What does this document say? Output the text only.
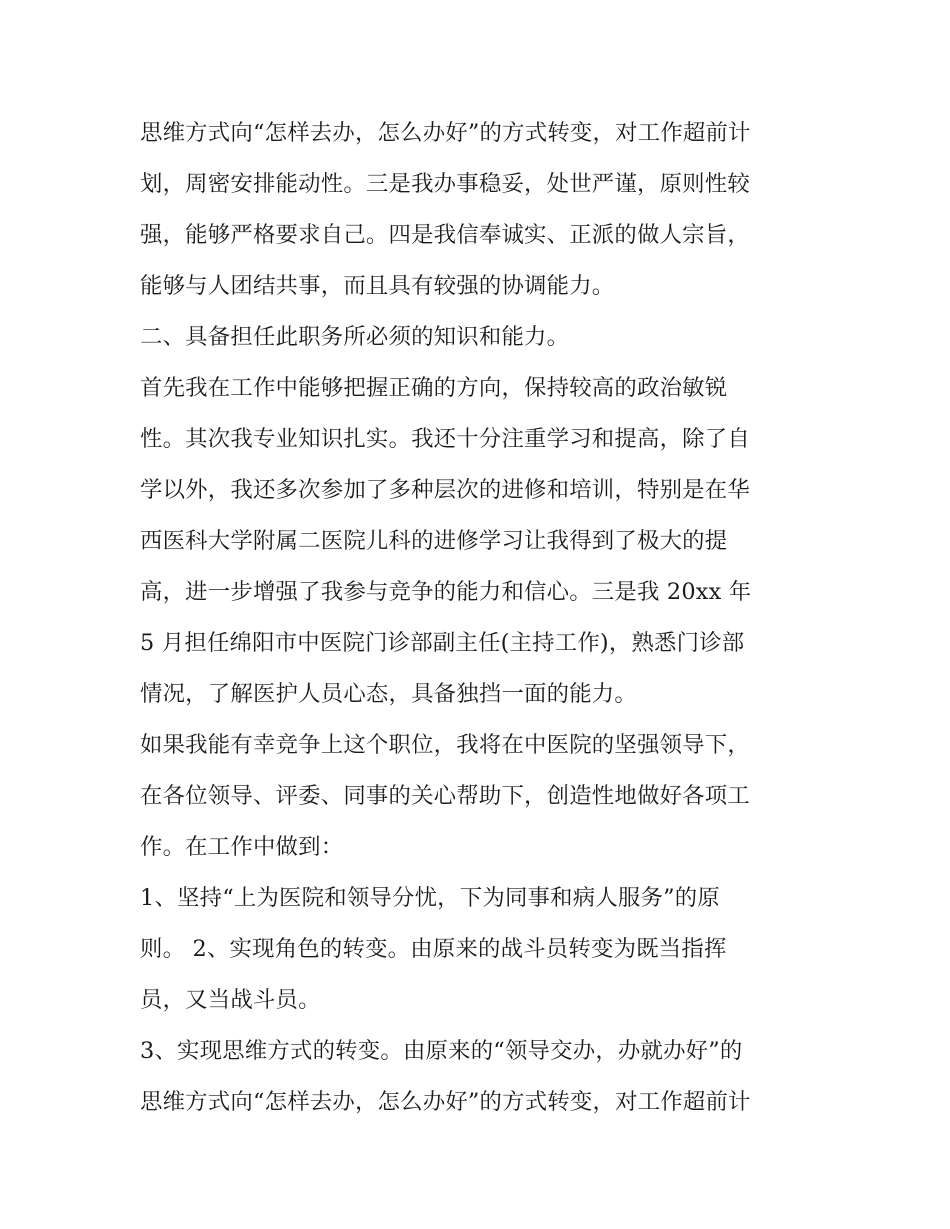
思维方式向“怎样去办，怎么办好”的方式转变，对工作超前计
划，周密安排能动性。三是我办事稳妥，处世严谨，原则性较
强，能够严格要求自己。四是我信奉诚实、正派的做人宗旨，
能够与人团结共事，而且具有较强的协调能力。
二、具备担任此职务所必须的知识和能力。
首先我在工作中能够把握正确的方向，保持较高的政治敏锐
性。其次我专业知识扎实。我还十分注重学习和提高，除了自
学以外，我还多次参加了多种层次的进修和培训，特别是在华
西医科大学附属二医院儿科的进修学习让我得到了极大的提
高，进一步增强了我参与竞争的能力和信心。三是我 20xx 年
5 月担任绵阳市中医院门诊部副主任(主持工作)，熟悉门诊部
情况，了解医护人员心态，具备独挡一面的能力。
如果我能有幸竞争上这个职位，我将在中医院的坚强领导下，
在各位领导、评委、同事的关心帮助下，创造性地做好各项工
作。在工作中做到：
1、坚持“上为医院和领导分忧，下为同事和病人服务”的原
则。 2、实现角色的转变。由原来的战斗员转变为既当指挥
员，又当战斗员。
3、实现思维方式的转变。由原来的“领导交办，办就办好”的
思维方式向“怎样去办，怎么办好”的方式转变，对工作超前计
